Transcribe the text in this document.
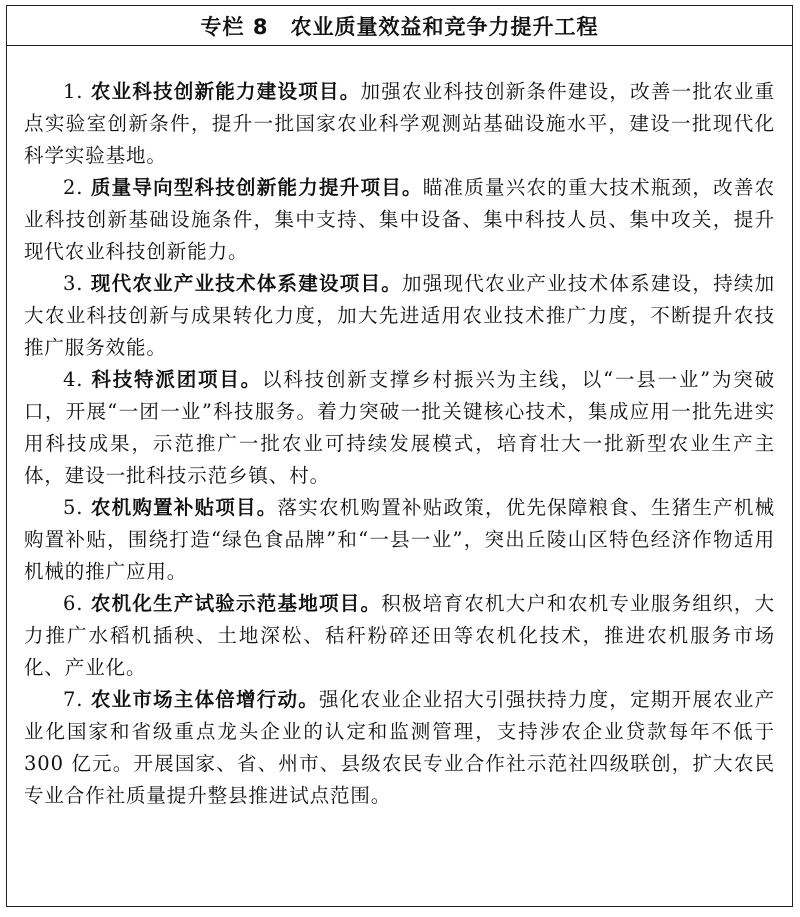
专栏 8 农业质量效益和竞争力提升工程

1. 农业科技创新能力建设项目。加强农业科技创新条件建设，改善一批农业重点实验室创新条件，提升一批国家农业科学观测站基础设施水平，建设一批现代化科学实验基地。

2. 质量导向型科技创新能力提升项目。瞄准质量兴农的重大技术瓶颈，改善农业科技创新基础设施条件，集中支持、集中设备、集中科技人员、集中攻关，提升现代农业科技创新能力。

3. 现代农业产业技术体系建设项目。加强现代农业产业技术体系建设，持续加大农业科技创新与成果转化力度，加大先进适用农业技术推广力度，不断提升农技推广服务效能。

4. 科技特派团项目。以科技创新支撑乡村振兴为主线，以“一县一业”为突破口，开展“一团一业”科技服务。着力突破一批关键核心技术，集成应用一批先进实用科技成果，示范推广一批农业可持续发展模式，培育壮大一批新型农业生产主体，建设一批科技示范乡镇、村。

5. 农机购置补贴项目。落实农机购置补贴政策，优先保障粮食、生猪生产机械购置补贴，围绕打造“绿色食品牌”和“一县一业”，突出丘陵山区特色经济作物适用机械的推广应用。

6. 农机化生产试验示范基地项目。积极培育农机大户和农机专业服务组织，大力推广水稻机插秧、土地深松、秸秆粉碎还田等农机化技术，推进农机服务市场化、产业化。

7. 农业市场主体倍增行动。强化农业企业招大引强扶持力度，定期开展农业产业化国家和省级重点龙头企业的认定和监测管理，支持涉农企业贷款每年不低于 300 亿元。开展国家、省、州市、县级农民专业合作社示范社四级联创，扩大农民专业合作社质量提升整县推进试点范围。
